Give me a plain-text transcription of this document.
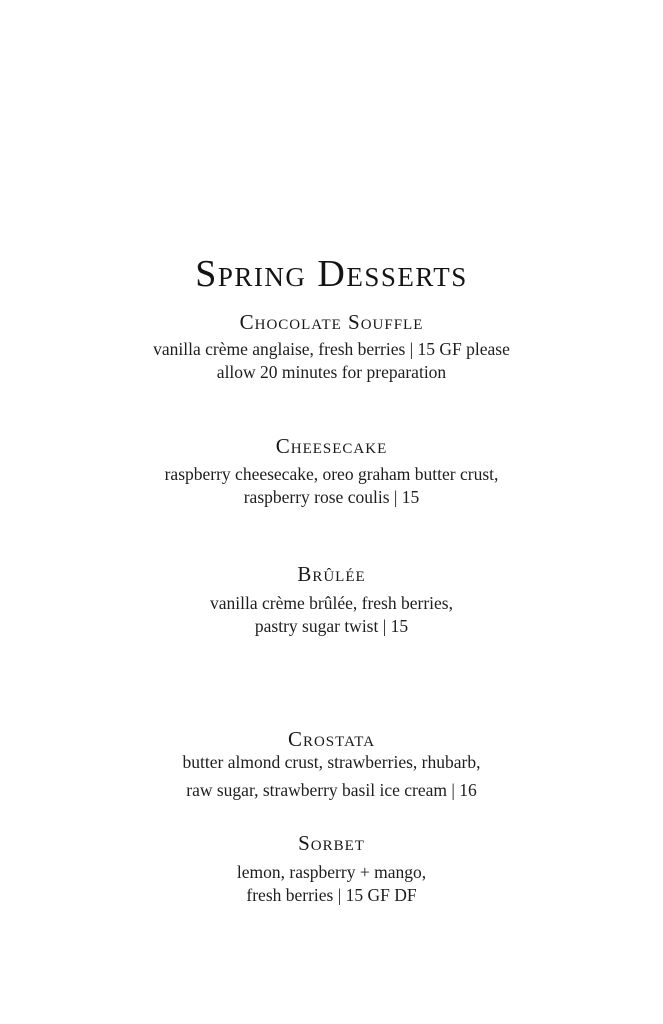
Spring Desserts
Chocolate Souffle
vanilla crème anglaise, fresh berries | 15 GF please
allow 20 minutes for preparation
Cheesecake
raspberry cheesecake, oreo graham butter crust,
raspberry rose coulis | 15
Brûlée
vanilla crème brûlée, fresh berries,
pastry sugar twist | 15
Crostata
butter almond crust, strawberries, rhubarb,
raw sugar, strawberry basil ice cream | 16
Sorbet
lemon, raspberry + mango,
fresh berries | 15 GF DF
